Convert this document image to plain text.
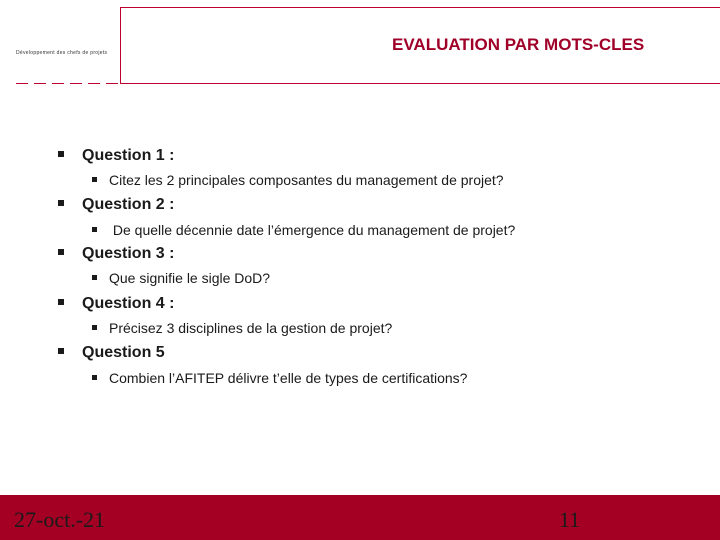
Développement des chefs de projets	EVALUATION PAR MOTS-CLES
Question 1 :
Citez les 2 principales composantes du management de projet?
Question 2 :
De quelle décennie date l’émergence du management de projet?
Question 3 :
Que signifie le sigle DoD?
Question 4 :
Précisez 3 disciplines de la gestion de projet?
Question 5
Combien l’AFITEP délivre t’elle de types de certifications?
27-oct.-21	11
